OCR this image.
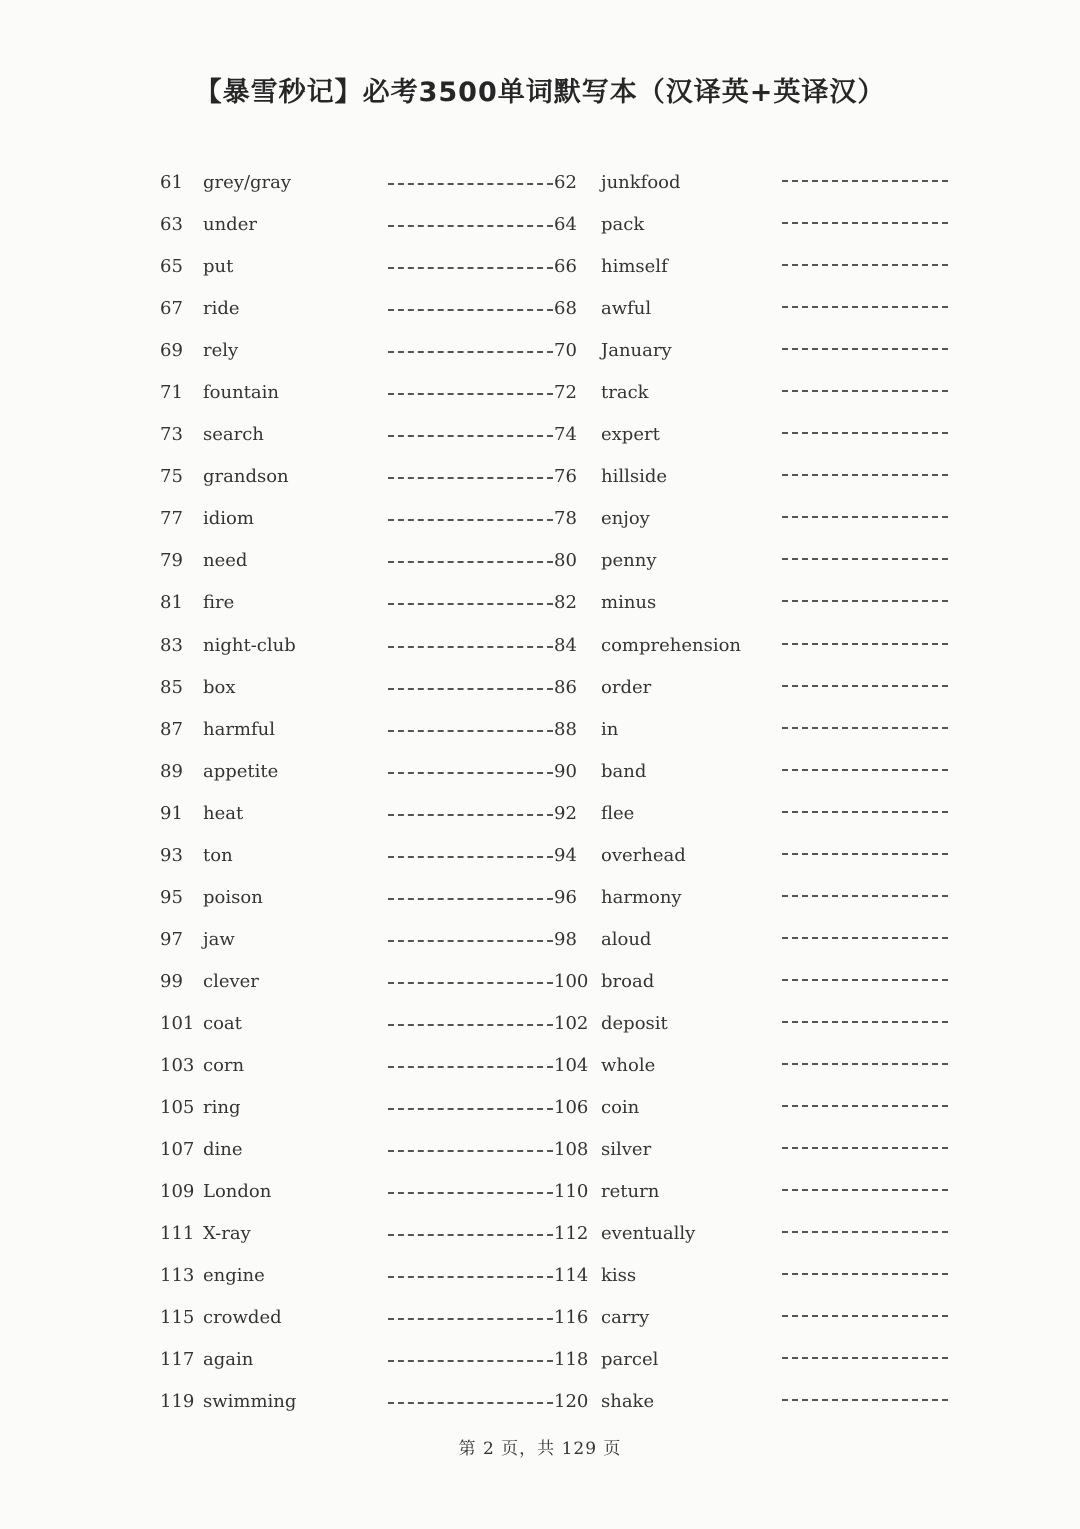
【暴雪秒记】必考3500单词默写本（汉译英+英译汉）
61	grey/gray	62 junkfood
63	under	64 pack
65	put	66 himself
67	ride	68 awful
69	rely	70 January
71	fountain	72 track
73	search	74 expert
75	grandson	76 hillside
77	idiom	78 enjoy
79	need	80 penny
81	fire	82 minus
83	night-club	84 comprehension
85	box	86 order
87	harmful	88 in
89	appetite	90 band
91	heat	92 flee
93	ton	94 overhead
95	poison	96 harmony
97	jaw	98 aloud
99	clever	100 broad
101 coat	102 deposit
103 corn	104 whole
105 ring	106 coin
107 dine	108 silver
109 London	110 return
111 X-ray	112 eventually
113 engine	114 kiss
115 crowded	116 carry
117 again	118 parcel
119 swimming	120 shake
第 2 页，共 129 页
